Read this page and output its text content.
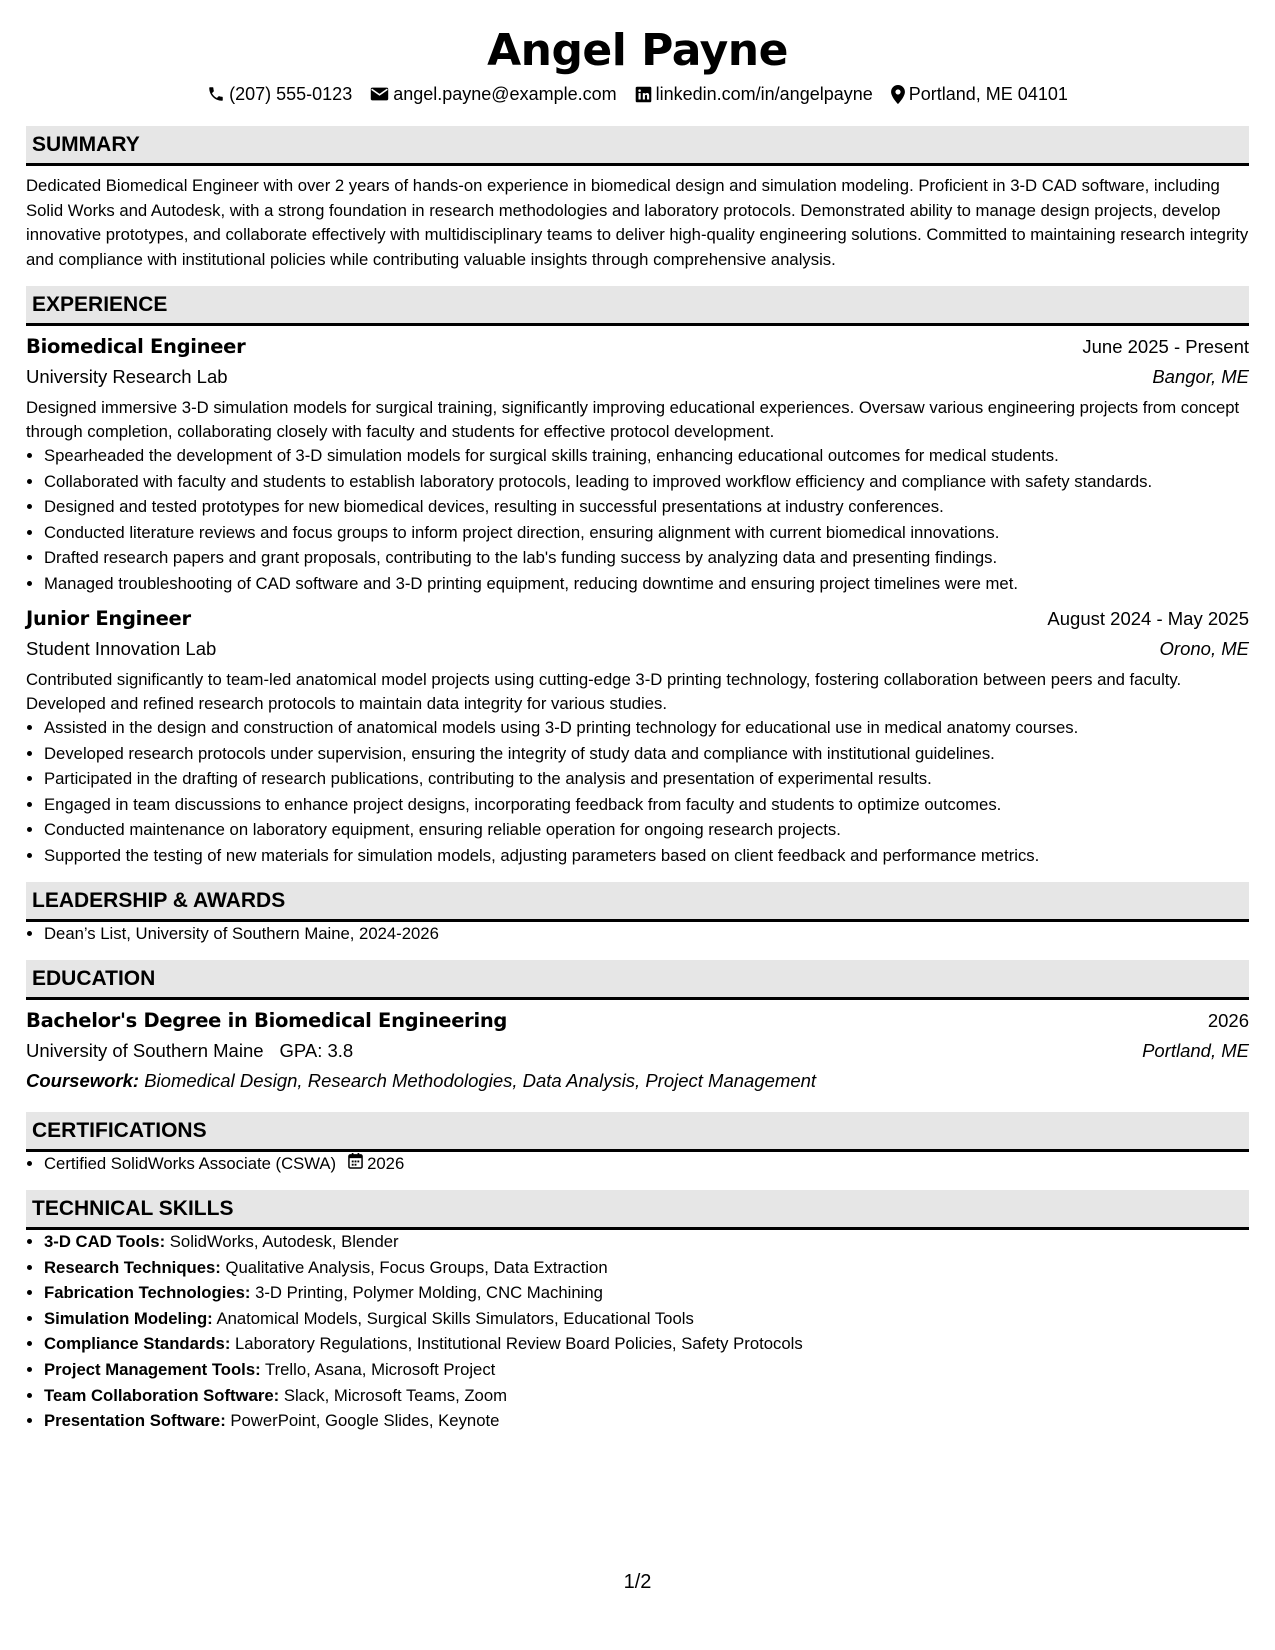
Angel Payne
(207) 555-0123 angel.payne@example.com linkedin.com/in/angelpayne Portland, ME 04101
SUMMARY
Dedicated Biomedical Engineer with over 2 years of hands-on experience in biomedical design and simulation modeling. Proficient in 3-D CAD software, including Solid Works and Autodesk, with a strong foundation in research methodologies and laboratory protocols. Demonstrated ability to manage design projects, develop innovative prototypes, and collaborate effectively with multidisciplinary teams to deliver high-quality engineering solutions. Committed to maintaining research integrity and compliance with institutional policies while contributing valuable insights through comprehensive analysis.
EXPERIENCE
Biomedical Engineer	June 2025 - Present
University Research Lab	Bangor, ME
Designed immersive 3-D simulation models for surgical training, significantly improving educational experiences. Oversaw various engineering projects from concept through completion, collaborating closely with faculty and students for effective protocol development.
• Spearheaded the development of 3-D simulation models for surgical skills training, enhancing educational outcomes for medical students.
• Collaborated with faculty and students to establish laboratory protocols, leading to improved workflow efficiency and compliance with safety standards.
• Designed and tested prototypes for new biomedical devices, resulting in successful presentations at industry conferences.
• Conducted literature reviews and focus groups to inform project direction, ensuring alignment with current biomedical innovations.
• Drafted research papers and grant proposals, contributing to the lab's funding success by analyzing data and presenting findings.
• Managed troubleshooting of CAD software and 3-D printing equipment, reducing downtime and ensuring project timelines were met.
Junior Engineer	August 2024 - May 2025
Student Innovation Lab	Orono, ME
Contributed significantly to team-led anatomical model projects using cutting-edge 3-D printing technology, fostering collaboration between peers and faculty. Developed and refined research protocols to maintain data integrity for various studies.
• Assisted in the design and construction of anatomical models using 3-D printing technology for educational use in medical anatomy courses.
• Developed research protocols under supervision, ensuring the integrity of study data and compliance with institutional guidelines.
• Participated in the drafting of research publications, contributing to the analysis and presentation of experimental results.
• Engaged in team discussions to enhance project designs, incorporating feedback from faculty and students to optimize outcomes.
• Conducted maintenance on laboratory equipment, ensuring reliable operation for ongoing research projects.
• Supported the testing of new materials for simulation models, adjusting parameters based on client feedback and performance metrics.
LEADERSHIP & AWARDS
• Dean’s List, University of Southern Maine, 2024-2026
EDUCATION
Bachelor's Degree in Biomedical Engineering	2026
University of Southern Maine GPA: 3.8	Portland, ME
Coursework: Biomedical Design, Research Methodologies, Data Analysis, Project Management
CERTIFICATIONS
• Certified SolidWorks Associate (CSWA) 2026
TECHNICAL SKILLS
• 3-D CAD Tools: SolidWorks, Autodesk, Blender
• Research Techniques: Qualitative Analysis, Focus Groups, Data Extraction
• Fabrication Technologies: 3-D Printing, Polymer Molding, CNC Machining
• Simulation Modeling: Anatomical Models, Surgical Skills Simulators, Educational Tools
• Compliance Standards: Laboratory Regulations, Institutional Review Board Policies, Safety Protocols
• Project Management Tools: Trello, Asana, Microsoft Project
• Team Collaboration Software: Slack, Microsoft Teams, Zoom
• Presentation Software: PowerPoint, Google Slides, Keynote
1/2
